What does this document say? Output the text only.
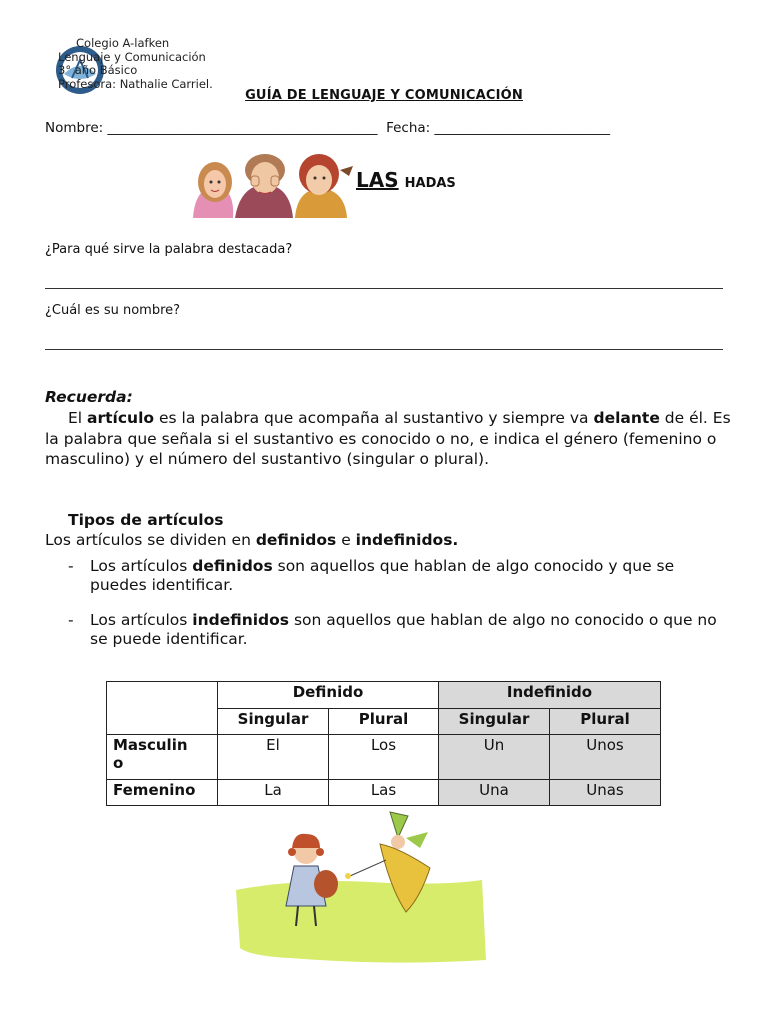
Colegio A-lafken
Lenguaje y Comunicación
3° año Básico
Profesora: Nathalie Carriel.
GUÍA DE LENGUAJE Y COMUNICACIÓN
Nombre: ________________________________________ Fecha: __________________________
LAS HADAS
¿Para qué sirve la palabra destacada?
¿Cuál es su nombre?
Recuerda:
El artículo es la palabra que acompaña al sustantivo y siempre va delante de él. Es la palabra que señala si el sustantivo es conocido o no, e indica el género (femenino o masculino) y el número del sustantivo (singular o plural).
Tipos de artículos
Los artículos se dividen en definidos e indefinidos.
- Los artículos definidos son aquellos que hablan de algo conocido y que se puedes identificar.
- Los artículos indefinidos son aquellos que hablan de algo no conocido o que no se puede identificar.

	Definido		Indefinido	

	Singular	Plural	Singular	Plural

Masculin
o	El	Los	Un	Unos

Femenino	La	Las	Una	Unas
